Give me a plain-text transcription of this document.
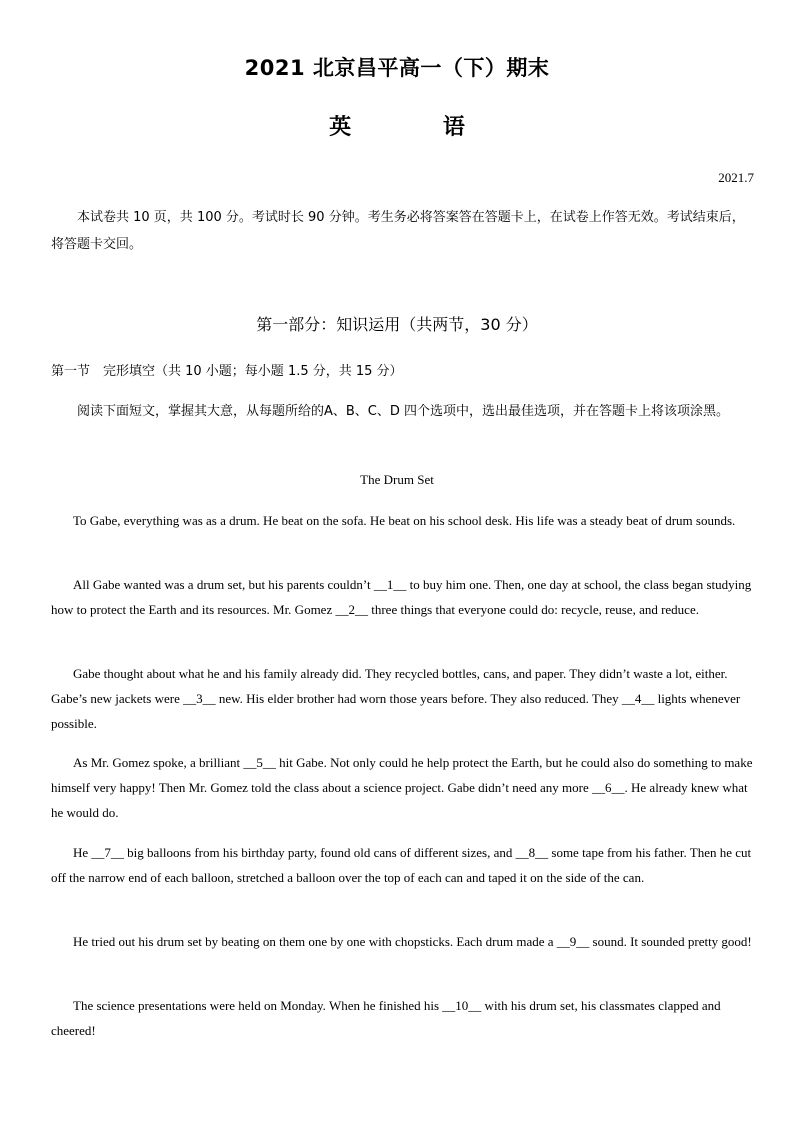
2021 北京昌平高一（下）期末
英	语
2021.7
本试卷共 10 页，共 100 分。考试时长 90 分钟。考生务必将答案答在答题卡上，在试卷上作答无效。考试结束后，将答题卡交回。
第一部分：知识运用（共两节，30 分）
第一节　完形填空（共 10 小题；每小题 1.5 分，共 15 分）
阅读下面短文，掌握其大意，从每题所给的A、B、C、D 四个选项中，选出最佳选项，并在答题卡上将该项涂黑。
The Drum Set

To Gabe, everything was as a drum. He beat on the sofa. He beat on his school desk. His life was a steady beat of drum sounds.

All Gabe wanted was a drum set, but his parents couldn’t __1__ to buy him one. Then, one day at school, the class began studying how to protect the Earth and its resources. Mr. Gomez __2__ three things that everyone could do: recycle, reuse, and reduce.

Gabe thought about what he and his family already did. They recycled bottles, cans, and paper. They didn’t waste a lot, either. Gabe’s new jackets were __3__ new. His elder brother had worn those years before. They also reduced. They __4__ lights whenever possible.

As Mr. Gomez spoke, a brilliant __5__ hit Gabe. Not only could he help protect the Earth, but he could also do something to make himself very happy! Then Mr. Gomez told the class about a science project. Gabe didn’t need any more __6__. He already knew what he would do.

He __7__ big balloons from his birthday party, found old cans of different sizes, and __8__ some tape from his father. Then he cut off the narrow end of each balloon, stretched a balloon over the top of each can and taped it on the side of the can.

He tried out his drum set by beating on them one by one with chopsticks. Each drum made a __9__ sound. It sounded pretty good!

The science presentations were held on Monday. When he finished his __10__ with his drum set, his classmates clapped and cheered!
